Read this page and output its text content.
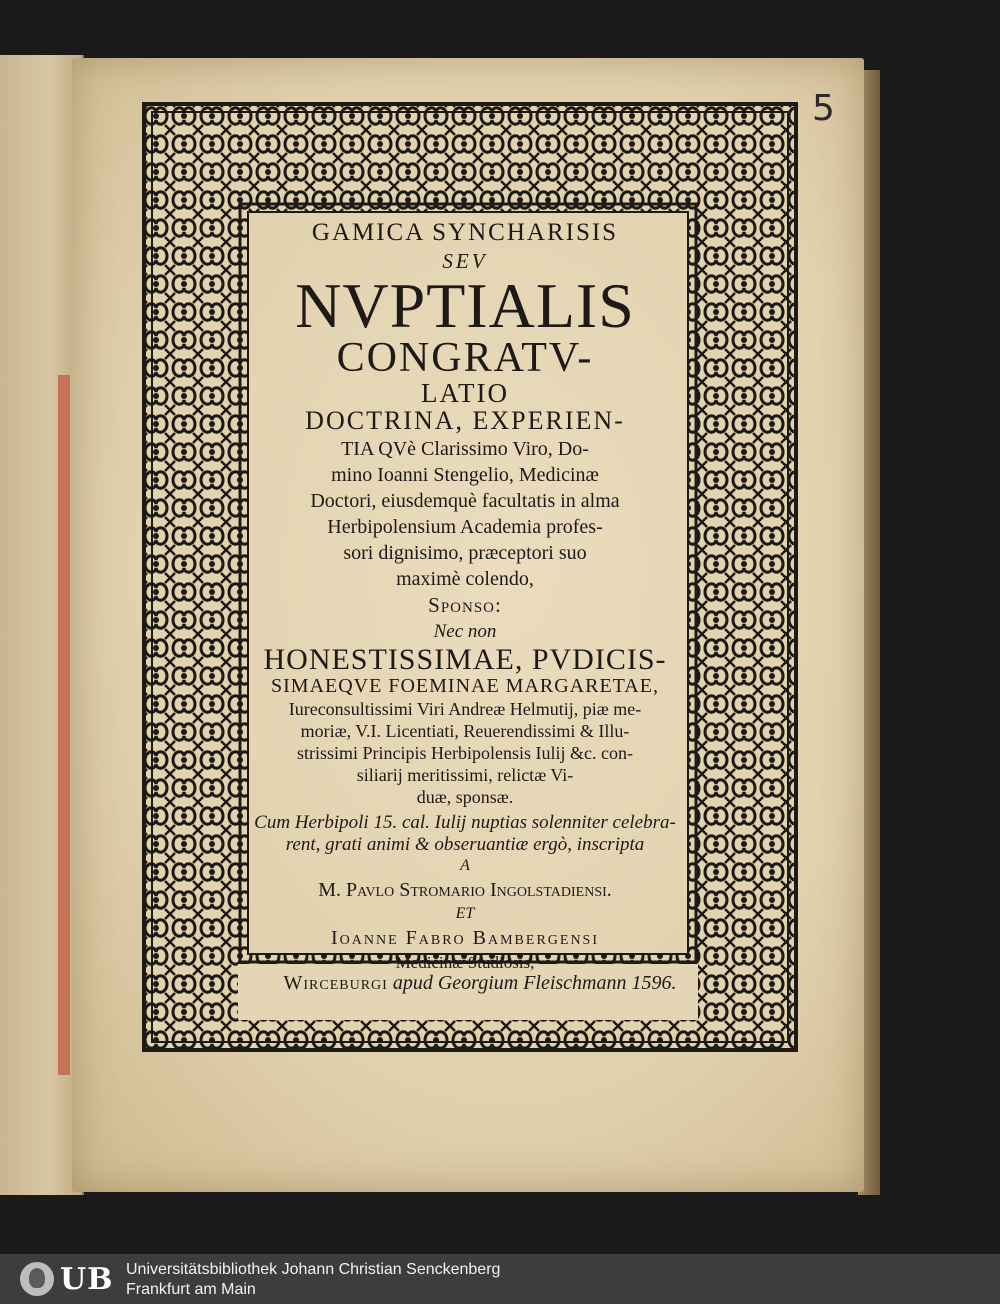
5
GAMICA SYNCHARISIS
SEV
NVPTIALIS
CONGRATV-
LATIO
DOCTRINA, EXPERIEN-
TIA QVè Clarissimo Viro, Do-
mino Ioanni Stengelio, Medicinæ
Doctori, eiusdemquè facultatis in alma
Herbipolensium Academia profes-
sori dignisimo, præceptori suo
maximè colendo,
Sponso:
Nec non
HONESTISSIMAE, PVDICIS-
SIMAEQVE FOEMINAE MARGARETAE,
Iureconsultissimi Viri Andreæ Helmutij, piæ me-
moriæ, V.I. Licentiati, Reuerendissimi & Illu-
strissimi Principis Herbipolensis Iulij &c. con-
siliarij meritissimi, relictæ Vi-
duæ, sponsæ.
Cum Herbipoli 15. cal. Iulij nuptias solenniter celebra-
rent, grati animi & obseruantiæ ergò, inscripta
A
M. Pavlo Stromario Ingolstadiensi.
ET
Ioanne Fabro Bambergensi
Medicinæ Studiosis,
Wirceburgi apud Georgium Fleischmann 1596.
UB Universitätsbibliothek Johann Christian Senckenberg
Frankfurt am Main
